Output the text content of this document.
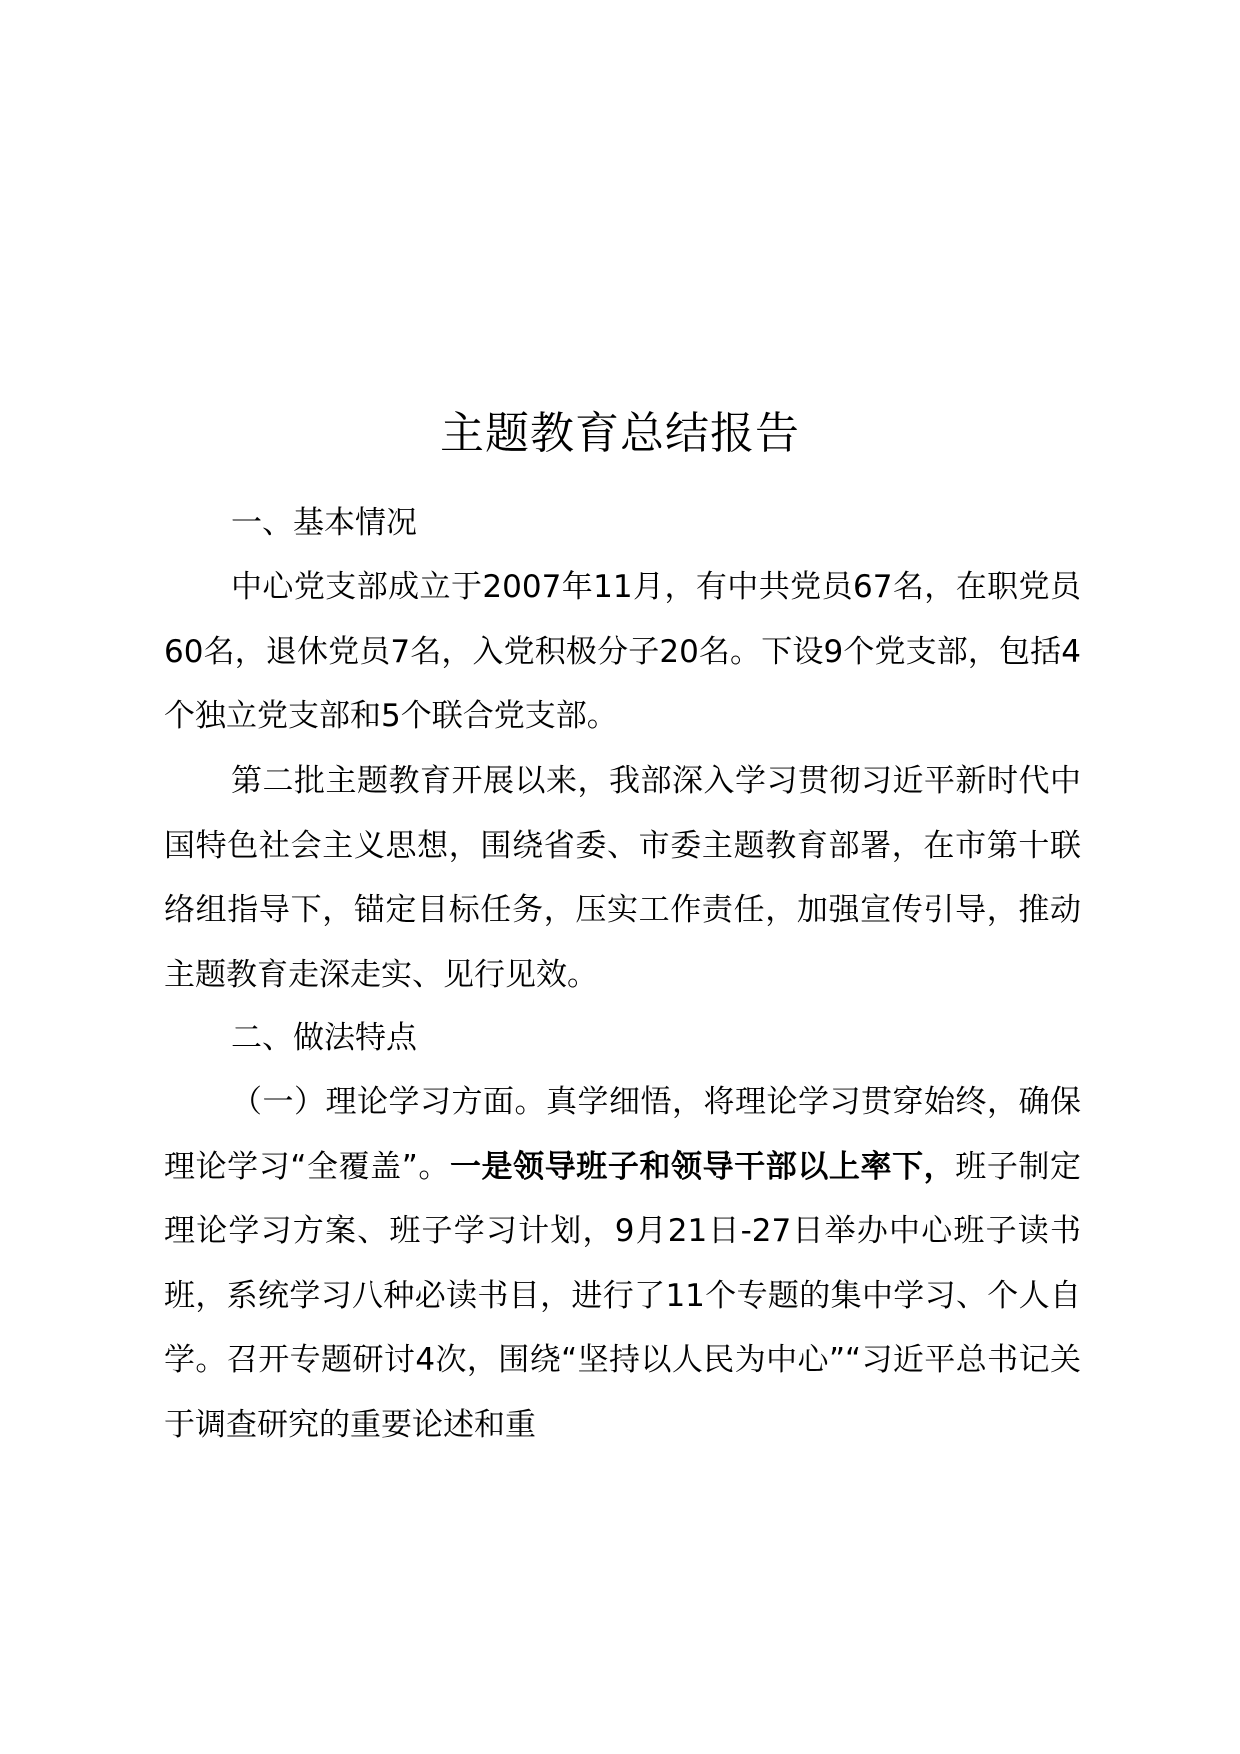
主题教育总结报告

一、基本情况

中心党支部成立于2007年11月，有中共党员67名，在职党员60名，退休党员7名，入党积极分子20名。下设9个党支部，包括4个独立党支部和5个联合党支部。

第二批主题教育开展以来，我部深入学习贯彻习近平新时代中国特色社会主义思想，围绕省委、市委主题教育部署，在市第十联络组指导下，锚定目标任务，压实工作责任，加强宣传引导，推动主题教育走深走实、见行见效。

二、做法特点

（一）理论学习方面。真学细悟，将理论学习贯穿始终，确保理论学习“全覆盖”。一是领导班子和领导干部以上率下，班子制定理论学习方案、班子学习计划，9月21日-27日举办中心班子读书班，系统学习八种必读书目，进行了11个专题的集中学习、个人自学。召开专题研讨4次，围绕“坚持以人民为中心”“习近平总书记关于调查研究的重要论述和重
